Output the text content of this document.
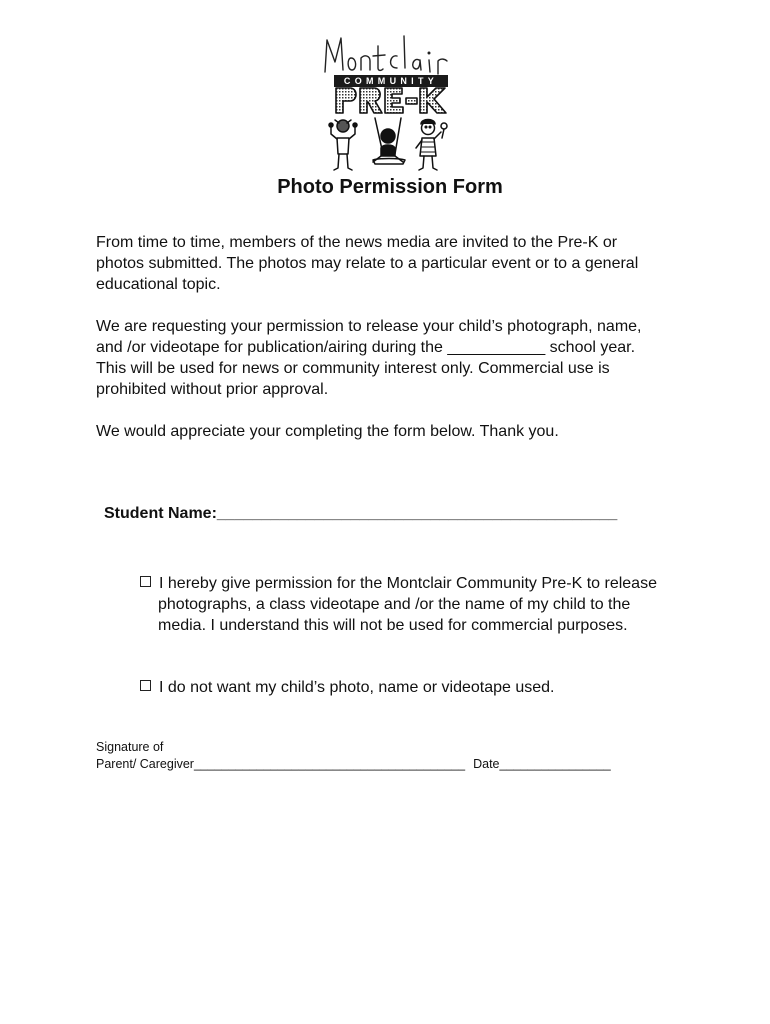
COMMUNITY
Photo Permission Form

From time to time, members of the news media are invited to the Pre-K or
photos submitted. The photos may relate to a particular event or to a general
educational topic.

We are requesting your permission to release your child’s photograph, name,
and /or videotape for publication/airing during the ___________ school year.
This will be used for news or community interest only. Commercial use is
prohibited without prior approval.

We would appreciate your completing the form below. Thank you.

Student Name:_____________________________________________
I hereby give permission for the Montclair Community Pre-K to release
photographs, a class videotape and /or the name of my child to the
media. I understand this will not be used for commercial purposes.
I do not want my child’s photo, name or videotape used.
Signature of
Parent/ Caregiver_______________________________________ Date________________
